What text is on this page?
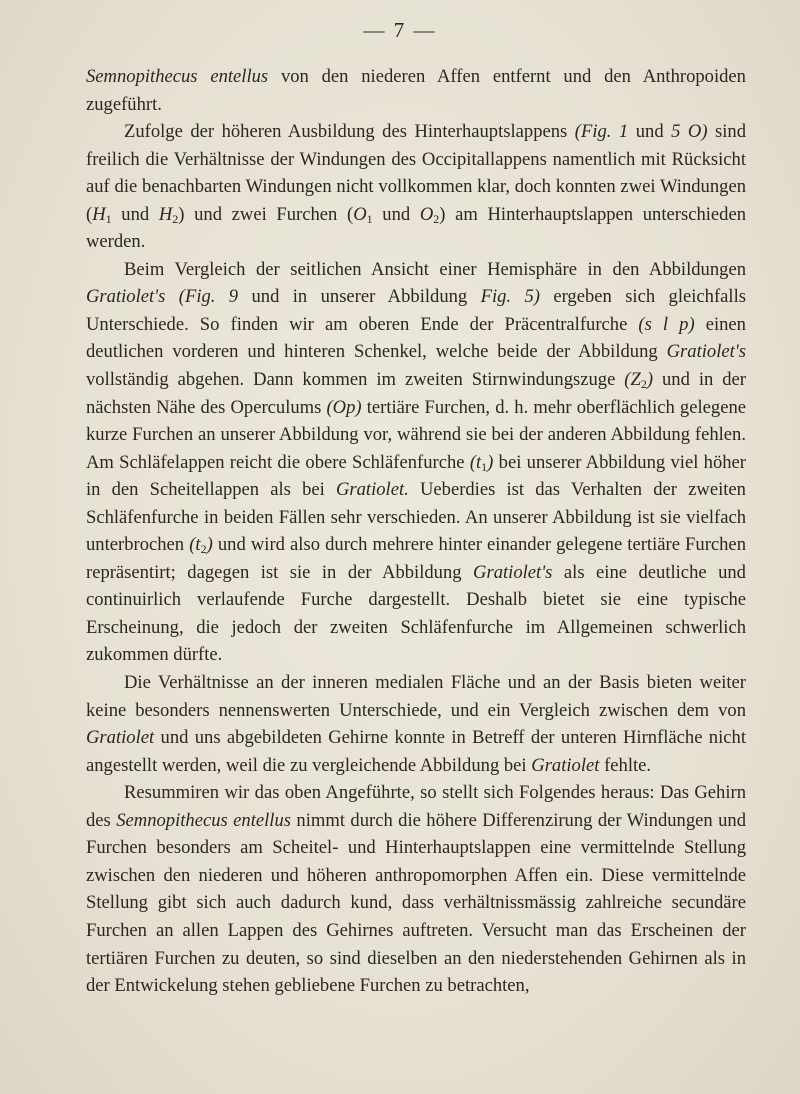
— 7 —

Semnopithecus entellus von den niederen Affen entfernt und den Anthropoiden zugeführt.

Zufolge der höheren Ausbildung des Hinterhauptslappens (Fig. 1 und 5 O) sind freilich die Verhältnisse der Windungen des Occipitallappens namentlich mit Rücksicht auf die benachbarten Windungen nicht vollkommen klar, doch konnten zwei Windungen ($H_1$ und $H_2$) und zwei Furchen ($O_1$ und $O_2$) am Hinterhauptslappen unterschieden werden.

Beim Vergleich der seitlichen Ansicht einer Hemisphäre in den Abbildungen Gratiolet's (Fig. 9 und in unserer Abbildung Fig. 5) ergeben sich gleichfalls Unterschiede. So finden wir am oberen Ende der Präcentralfurche (s l p) einen deutlichen vorderen und hinteren Schenkel, welche beide der Abbildung Gratiolet's vollständig abgehen. Dann kommen im zweiten Stirnwindungszuge $(Z_2)$ und in der nächsten Nähe des Operculums (Op) tertiäre Furchen, d. h. mehr oberflächlich gelegene kurze Furchen an unserer Abbildung vor, während sie bei der anderen Abbildung fehlen. Am Schläfelappen reicht die obere Schläfenfurche $(t_1)$ bei unserer Abbildung viel höher in den Scheitellappen als bei Gratiolet. Ueberdies ist das Verhalten der zweiten Schläfenfurche in beiden Fällen sehr verschieden. An unserer Abbildung ist sie vielfach unterbrochen $(t_2)$ und wird also durch mehrere hinter einander gelegene tertiäre Furchen repräsentirt; dagegen ist sie in der Abbildung Gratiolet's als eine deutliche und continuirlich verlaufende Furche dargestellt. Deshalb bietet sie eine typische Erscheinung, die jedoch der zweiten Schläfenfurche im Allgemeinen schwerlich zukommen dürfte.

Die Verhältnisse an der inneren medialen Fläche und an der Basis bieten weiter keine besonders nennenswerten Unterschiede, und ein Vergleich zwischen dem von Gratiolet und uns abgebildeten Gehirne konnte in Betreff der unteren Hirnfläche nicht angestellt werden, weil die zu vergleichende Abbildung bei Gratiolet fehlte.

Resummiren wir das oben Angeführte, so stellt sich Folgendes heraus: Das Gehirn des Semnopithecus entellus nimmt durch die höhere Differenzirung der Windungen und Furchen besonders am Scheitel- und Hinterhauptslappen eine vermittelnde Stellung zwischen den niederen und höheren anthropomorphen Affen ein. Diese vermittelnde Stellung gibt sich auch dadurch kund, dass verhältnissmässig zahlreiche secundäre Furchen an allen Lappen des Gehirnes auftreten. Versucht man das Erscheinen der tertiären Furchen zu deuten, so sind dieselben an den niederstehenden Gehirnen als in der Entwickelung stehen gebliebene Furchen zu betrachten,
